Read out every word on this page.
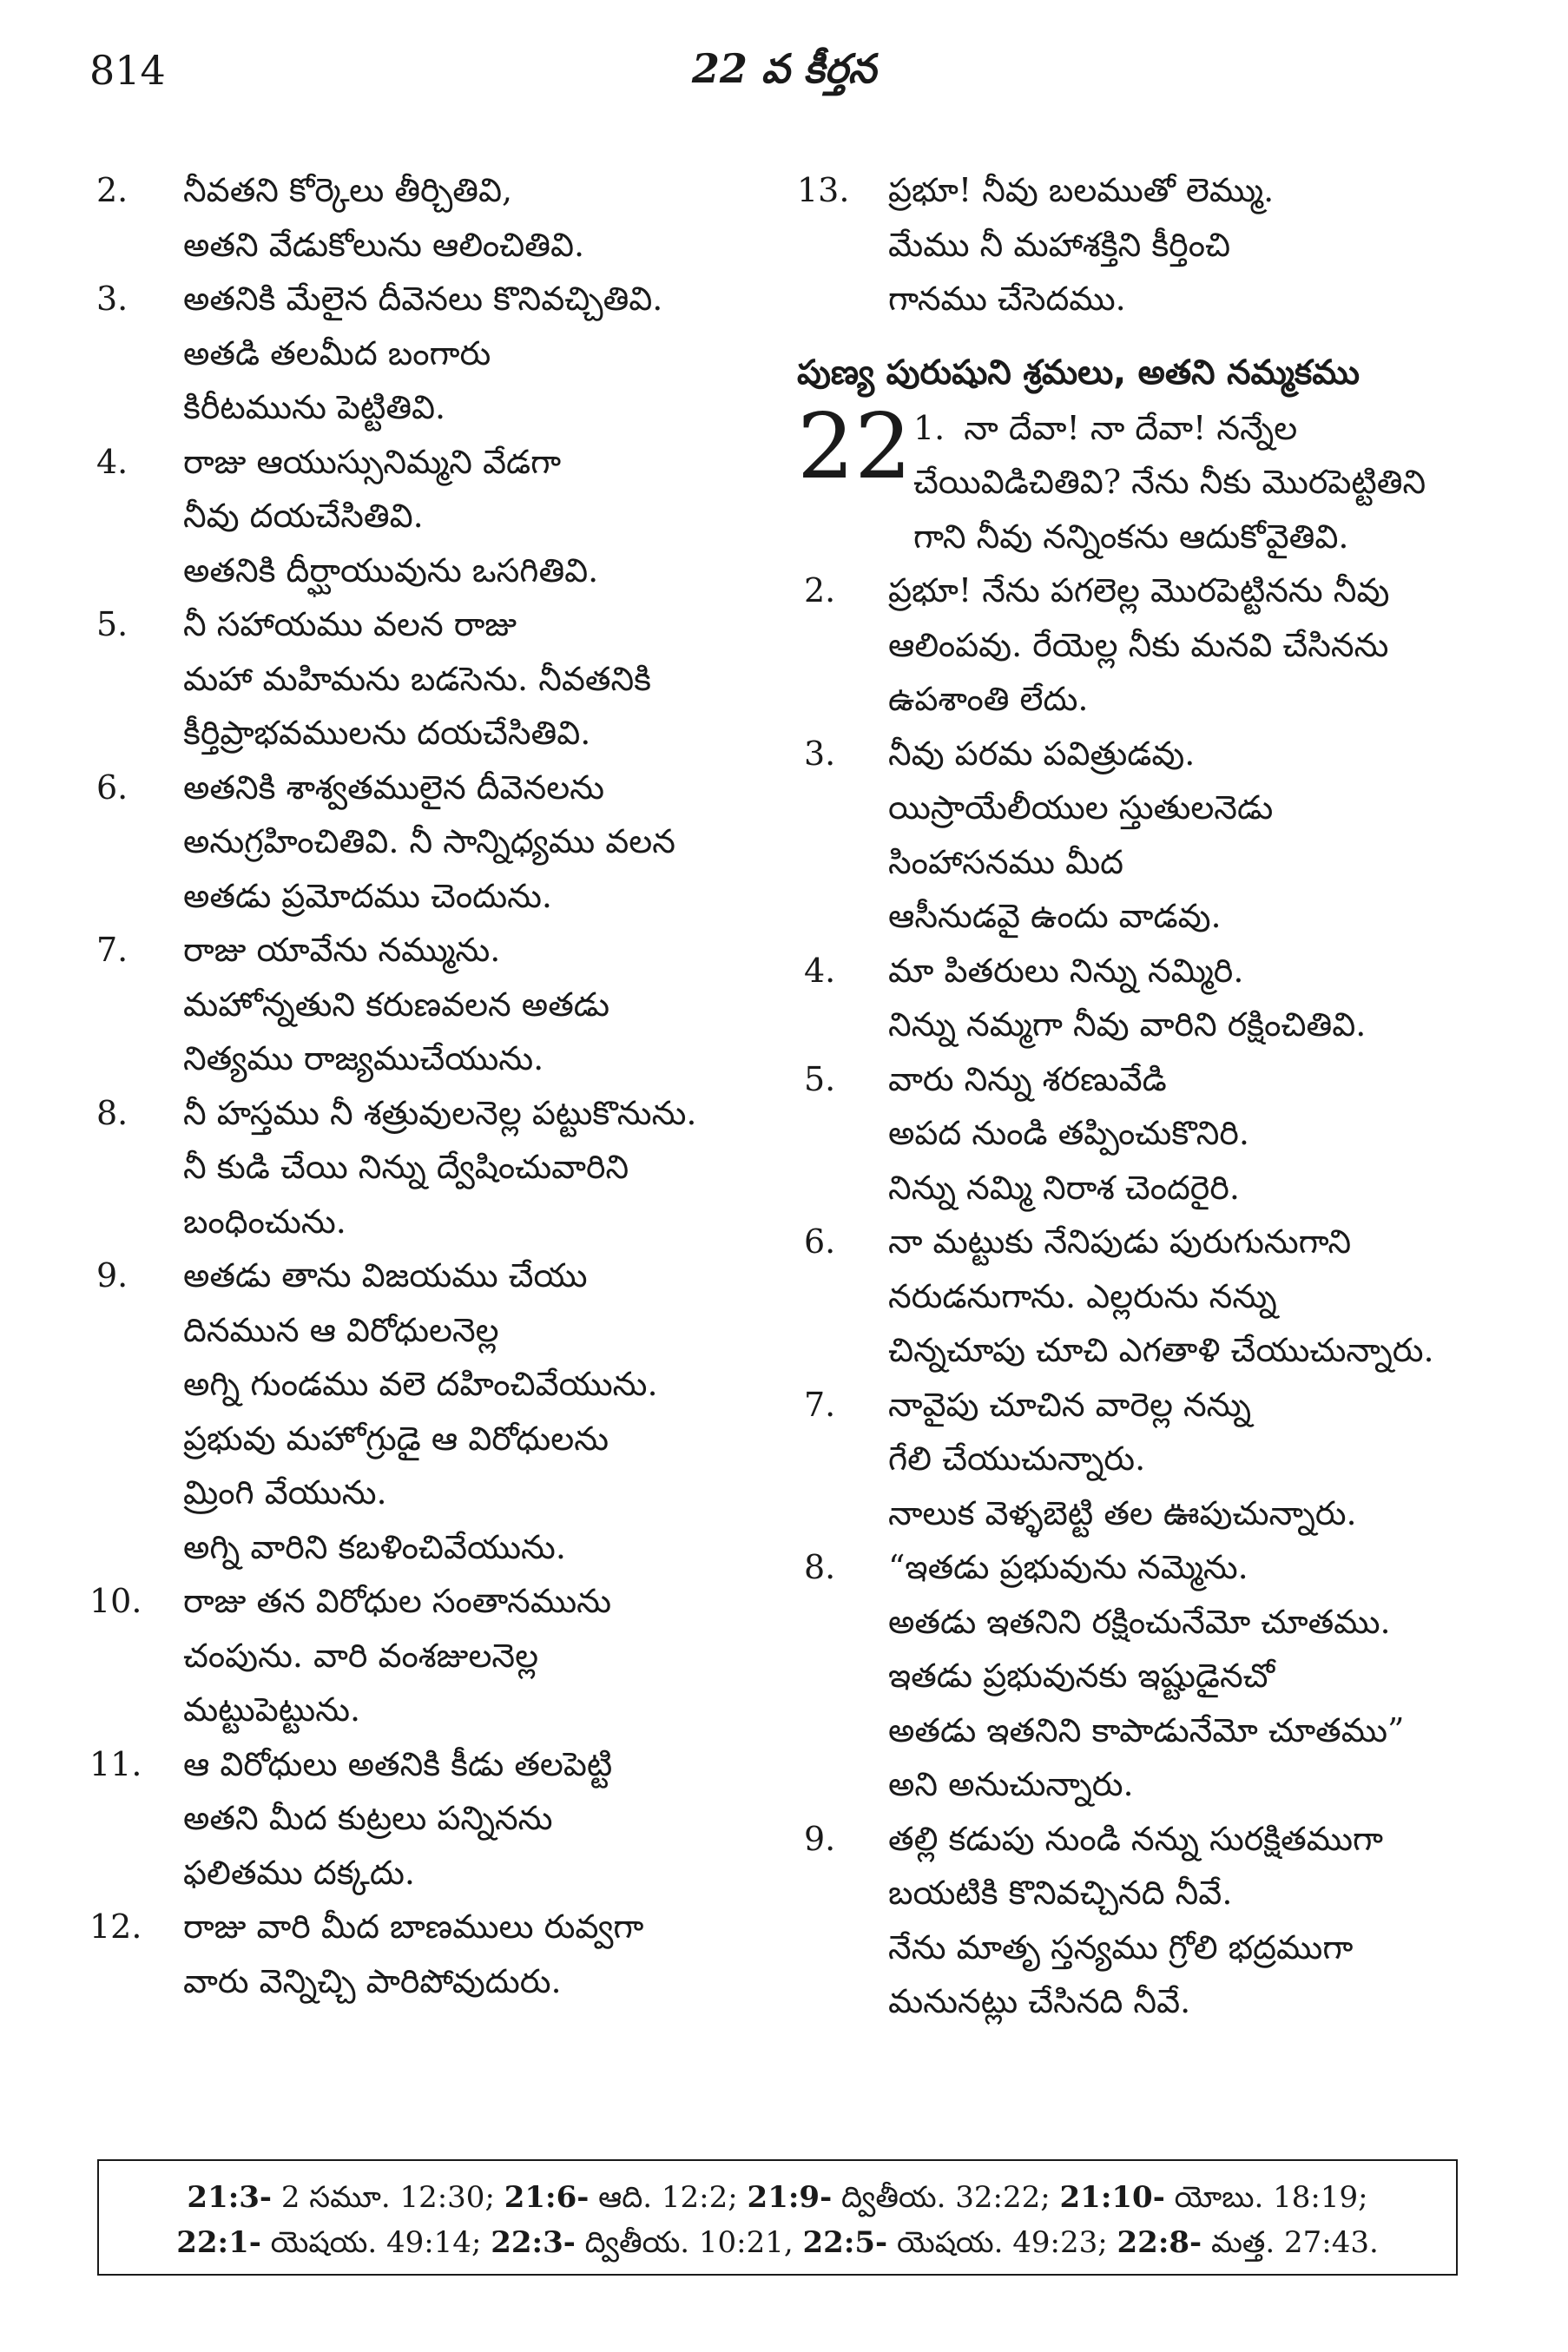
814	22 వ కీర్తన
2.	నీవతని కోర్కెలు తీర్చితివి,
అతని వేడుకోలును ఆలించితివి.
3.	అతనికి మేలైన దీవెనలు కొనివచ్చితివి.
అతడి తలమీద బంగారు
కిరీటమును పెట్టితివి.
4.	రాజు ఆయుస్సునిమ్మని వేడగా
నీవు దయచేసితివి.
అతనికి దీర్ఘాయువును ఒసగితివి.
5.	నీ సహాయము వలన రాజు
మహా మహిమను బడసెను. నీవతనికి
కీర్తిప్రాభవములను దయచేసితివి.
6.	అతనికి శాశ్వతములైన దీవెనలను
అనుగ్రహించితివి. నీ సాన్నిధ్యము వలన
అతడు ప్రమోదము చెందును.
7.	రాజు యావేను నమ్మును.
మహోన్నతుని కరుణవలన అతడు
నిత్యము రాజ్యముచేయును.
8.	నీ హస్తము నీ శత్రువులనెల్ల పట్టుకొనును.
నీ కుడి చేయి నిన్ను ద్వేషించువారిని
బంధించును.
9.	అతడు తాను విజయము చేయు
దినమున ఆ విరోధులనెల్ల
అగ్ని గుండము వలె దహించివేయును.
ప్రభువు మహోగ్రుడై ఆ విరోధులను
మ్రింగి వేయును.
అగ్ని వారిని కబళించివేయును.
10.	రాజు తన విరోధుల సంతానమును
చంపును. వారి వంశజులనెల్ల
మట్టుపెట్టును.
11.	ఆ విరోధులు అతనికి కీడు తలపెట్టి
అతని మీద కుట్రలు పన్నినను
ఫలితము దక్కదు.
12.	రాజు వారి మీద బాణములు రువ్వగా
వారు వెన్నిచ్చి పారిపోవుదురు.
13.	ప్రభూ! నీవు బలముతో లెమ్ము.
మేము నీ మహాశక్తిని కీర్తించి
గానము చేసెదము.
పుణ్య పురుషుని శ్రమలు, అతని నమ్మకము
22 1. నా దేవా! నా దేవా! నన్నేల
చేయివిడిచితివి? నేను నీకు మొరపెట్టితిని
గాని నీవు నన్నింకను ఆదుకోవైతివి.
2.	ప్రభూ! నేను పగలెల్ల మొరపెట్టినను నీవు
ఆలింపవు. రేయెల్ల నీకు మనవి చేసినను
ఉపశాంతి లేదు.
3.	నీవు పరమ పవిత్రుడవు.
యిస్రాయేలీయుల స్తుతులనెడు
సింహాసనము మీద
ఆసీనుడవై ఉందు వాడవు.
4.	మా పితరులు నిన్ను నమ్మిరి.
నిన్ను నమ్మగా నీవు వారిని రక్షించితివి.
5.	వారు నిన్ను శరణువేడి
అపద నుండి తప్పించుకొనిరి.
నిన్ను నమ్మి నిరాశ చెందరైరి.
6.	నా మట్టుకు నేనిపుడు పురుగునుగాని
నరుడనుగాను. ఎల్లరును నన్ను
చిన్నచూపు చూచి ఎగతాళి చేయుచున్నారు.
7.	నావైపు చూచిన వారెల్ల నన్ను
గేలి చేయుచున్నారు.
నాలుక వెళ్ళబెట్టి తల ఊపుచున్నారు.
8.	“ఇతడు ప్రభువును నమ్మెను.
అతడు ఇతనిని రక్షించునేమో చూతము.
ఇతడు ప్రభువునకు ఇష్టుడైనచో
అతడు ఇతనిని కాపాడునేమో చూతము”
అని అనుచున్నారు.
9.	తల్లి కడుపు నుండి నన్ను సురక్షితముగా
బయటికి కొనివచ్చినది నీవే.
నేను మాతృ స్తన్యము గ్రోలి భద్రముగా
మనునట్లు చేసినది నీవే.
21:3- 2 సమూ. 12:30; 21:6- ఆది. 12:2; 21:9- ద్వితీయ. 32:22; 21:10- యోబు. 18:19;
22:1- యెషయ. 49:14; 22:3- ద్వితీయ. 10:21, 22:5- యెషయ. 49:23; 22:8- మత్త. 27:43.
